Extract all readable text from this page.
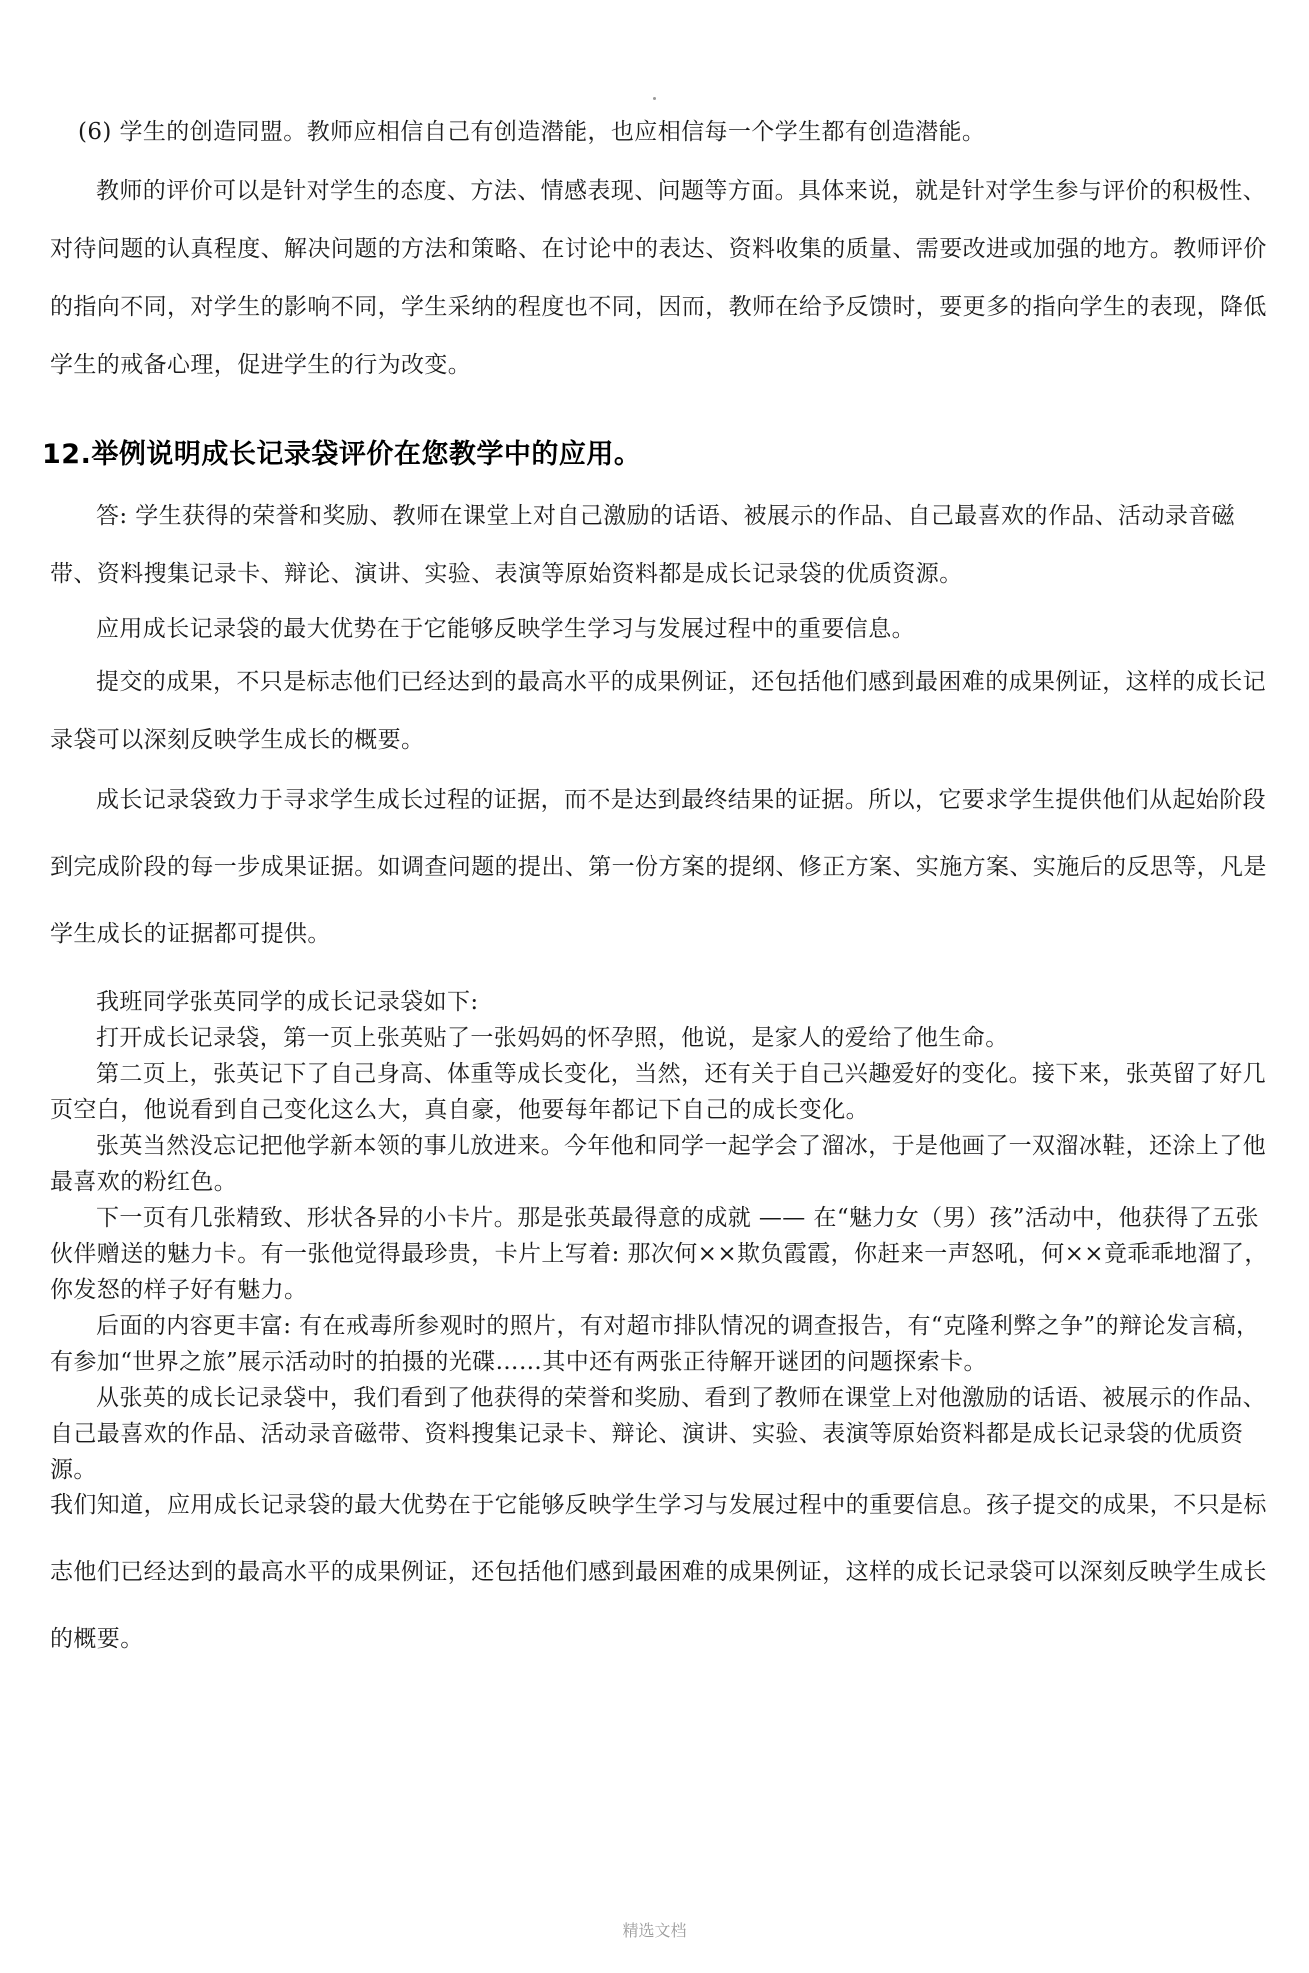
(6) 学生的创造同盟。教师应相信自己有创造潜能，也应相信每一个学生都有创造潜能。

教师的评价可以是针对学生的态度、方法、情感表现、问题等方面。具体来说，就是针对学生参与评价的积极性、对待问题的认真程度、解决问题的方法和策略、在讨论中的表达、资料收集的质量、需要改进或加强的地方。教师评价的指向不同，对学生的影响不同，学生采纳的程度也不同，因而，教师在给予反馈时，要更多的指向学生的表现，降低学生的戒备心理，促进学生的行为改变。

12.举例说明成长记录袋评价在您教学中的应用。

答: 学生获得的荣誉和奖励、教师在课堂上对自己激励的话语、被展示的作品、自己最喜欢的作品、活动录音磁带、资料搜集记录卡、辩论、演讲、实验、表演等原始资料都是成长记录袋的优质资源。

应用成长记录袋的最大优势在于它能够反映学生学习与发展过程中的重要信息。

提交的成果，不只是标志他们已经达到的最高水平的成果例证，还包括他们感到最困难的成果例证，这样的成长记录袋可以深刻反映学生成长的概要。

成长记录袋致力于寻求学生成长过程的证据，而不是达到最终结果的证据。所以，它要求学生提供他们从起始阶段到完成阶段的每一步成果证据。如调查问题的提出、第一份方案的提纲、修正方案、实施方案、实施后的反思等，凡是学生成长的证据都可提供。

我班同学张英同学的成长记录袋如下:

打开成长记录袋，第一页上张英贴了一张妈妈的怀孕照，他说，是家人的爱给了他生命。

第二页上，张英记下了自己身高、体重等成长变化，当然，还有关于自己兴趣爱好的变化。接下来，张英留了好几页空白，他说看到自己变化这么大，真自豪，他要每年都记下自己的成长变化。

张英当然没忘记把他学新本领的事儿放进来。今年他和同学一起学会了溜冰，于是他画了一双溜冰鞋，还涂上了他最喜欢的粉红色。

下一页有几张精致、形状各异的小卡片。那是张英最得意的成就 —— 在“魅力女（男）孩”活动中，他获得了五张伙伴赠送的魅力卡。有一张他觉得最珍贵，卡片上写着: 那次何××欺负霞霞，你赶来一声怒吼，何××竟乖乖地溜了，你发怒的样子好有魅力。

后面的内容更丰富: 有在戒毒所参观时的照片，有对超市排队情况的调查报告，有“克隆利弊之争”的辩论发言稿，有参加“世界之旅”展示活动时的拍摄的光碟……其中还有两张正待解开谜团的问题探索卡。

从张英的成长记录袋中，我们看到了他获得的荣誉和奖励、看到了教师在课堂上对他激励的话语、被展示的作品、自己最喜欢的作品、活动录音磁带、资料搜集记录卡、辩论、演讲、实验、表演等原始资料都是成长记录袋的优质资源。

我们知道，应用成长记录袋的最大优势在于它能够反映学生学习与发展过程中的重要信息。孩子提交的成果，不只是标志他们已经达到的最高水平的成果例证，还包括他们感到最困难的成果例证，这样的成长记录袋可以深刻反映学生成长的概要。

精选文档
